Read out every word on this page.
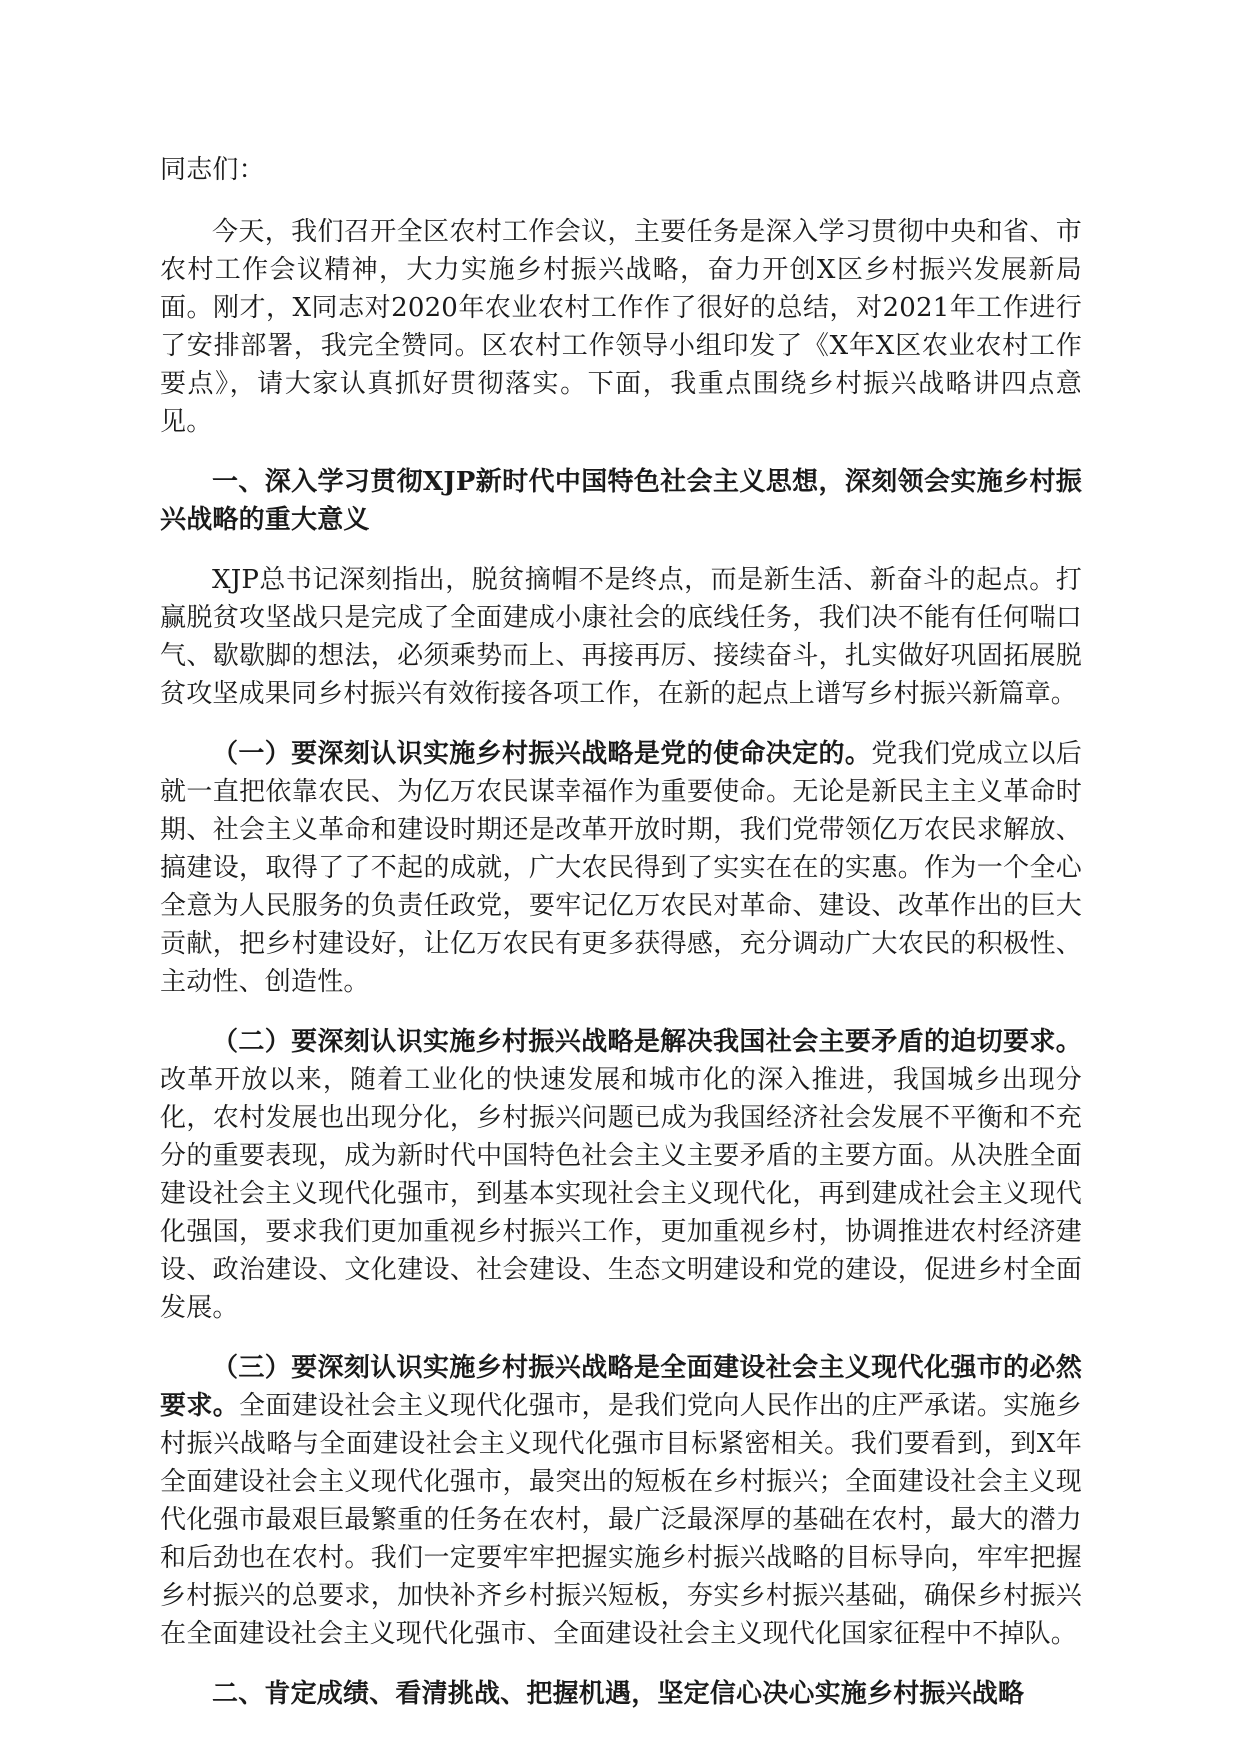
同志们：

今天，我们召开全区农村工作会议，主要任务是深入学习贯彻中央和省、市农村工作会议精神，大力实施乡村振兴战略，奋力开创X区乡村振兴发展新局面。刚才，X同志对2020年农业农村工作作了很好的总结，对2021年工作进行了安排部署，我完全赞同。区农村工作领导小组印发了《X年X区农业农村工作要点》，请大家认真抓好贯彻落实。下面，我重点围绕乡村振兴战略讲四点意见。

一、深入学习贯彻XJP新时代中国特色社会主义思想，深刻领会实施乡村振兴战略的重大意义

XJP总书记深刻指出，脱贫摘帽不是终点，而是新生活、新奋斗的起点。打赢脱贫攻坚战只是完成了全面建成小康社会的底线任务，我们决不能有任何喘口气、歇歇脚的想法，必须乘势而上、再接再厉、接续奋斗，扎实做好巩固拓展脱贫攻坚成果同乡村振兴有效衔接各项工作，在新的起点上谱写乡村振兴新篇章。

（一）要深刻认识实施乡村振兴战略是党的使命决定的。党我们党成立以后就一直把依靠农民、为亿万农民谋幸福作为重要使命。无论是新民主主义革命时期、社会主义革命和建设时期还是改革开放时期，我们党带领亿万农民求解放、搞建设，取得了了不起的成就，广大农民得到了实实在在的实惠。作为一个全心全意为人民服务的负责任政党，要牢记亿万农民对革命、建设、改革作出的巨大贡献，把乡村建设好，让亿万农民有更多获得感，充分调动广大农民的积极性、主动性、创造性。

（二）要深刻认识实施乡村振兴战略是解决我国社会主要矛盾的迫切要求。改革开放以来，随着工业化的快速发展和城市化的深入推进，我国城乡出现分化，农村发展也出现分化，乡村振兴问题已成为我国经济社会发展不平衡和不充分的重要表现，成为新时代中国特色社会主义主要矛盾的主要方面。从决胜全面建设社会主义现代化强市，到基本实现社会主义现代化，再到建成社会主义现代化强国，要求我们更加重视乡村振兴工作，更加重视乡村，协调推进农村经济建设、政治建设、文化建设、社会建设、生态文明建设和党的建设，促进乡村全面发展。

（三）要深刻认识实施乡村振兴战略是全面建设社会主义现代化强市的必然要求。全面建设社会主义现代化强市，是我们党向人民作出的庄严承诺。实施乡村振兴战略与全面建设社会主义现代化强市目标紧密相关。我们要看到，到X年全面建设社会主义现代化强市，最突出的短板在乡村振兴；全面建设社会主义现代化强市最艰巨最繁重的任务在农村，最广泛最深厚的基础在农村，最大的潜力和后劲也在农村。我们一定要牢牢把握实施乡村振兴战略的目标导向，牢牢把握乡村振兴的总要求，加快补齐乡村振兴短板，夯实乡村振兴基础，确保乡村振兴在全面建设社会主义现代化强市、全面建设社会主义现代化国家征程中不掉队。

二、肯定成绩、看清挑战、把握机遇，坚定信心决心实施乡村振兴战略
